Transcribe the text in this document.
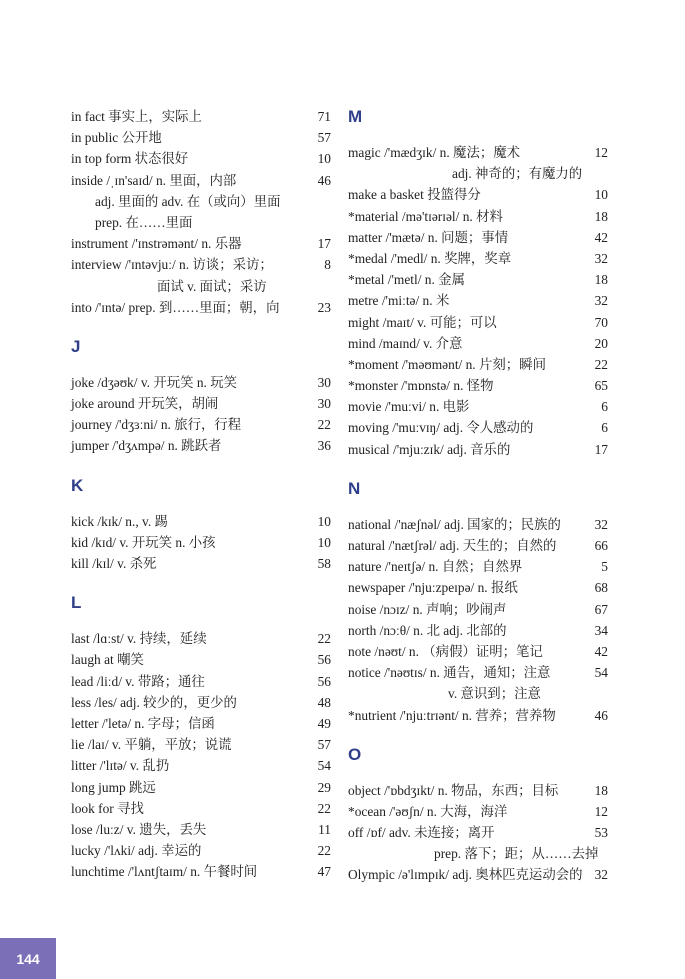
in fact 事实上，实际上	71
in public 公开地	57
in top form 状态很好	10
inside /ˌɪn'saɪd/ n. 里面，内部	46
adj. 里面的 adv. 在（或向）里面
prep. 在……里面
instrument /'ɪnstrəmənt/ n. 乐器	17
interview /'ɪntəvjuː/ n. 访谈；采访；	8
面试 v. 面试；采访
into /'ɪntə/ prep. 到……里面；朝，向	23
J
joke /dʒəʊk/ v. 开玩笑 n. 玩笑	30
joke around 开玩笑，胡闹	30
journey /'dʒɜːni/ n. 旅行，行程	22
jumper /'dʒʌmpə/ n. 跳跃者	36
K
kick /kɪk/ n., v. 踢	10
kid /kɪd/ v. 开玩笑 n. 小孩	10
kill /kɪl/ v. 杀死	58
L
last /lɑːst/ v. 持续，延续	22
laugh at 嘲笑	56
lead /liːd/ v. 带路；通往	56
less /les/ adj. 较少的，更少的	48
letter /'letə/ n. 字母；信函	49
lie /laɪ/ v. 平躺，平放；说谎	57
litter /'lɪtə/ v. 乱扔	54
long jump 跳远	29
look for 寻找	22
lose /luːz/ v. 遗失，丢失	11
lucky /'lʌki/ adj. 幸运的	22
lunchtime /'lʌntʃtaɪm/ n. 午餐时间	47
M
magic /'mædʒɪk/ n. 魔法；魔术	12
adj. 神奇的；有魔力的
make a basket 投篮得分	10
*material /mə'tɪərɪəl/ n. 材料	18
matter /'mætə/ n. 问题；事情	42
*medal /'medl/ n. 奖牌，奖章	32
*metal /'metl/ n. 金属	18
metre /'miːtə/ n. 米	32
might /maɪt/ v. 可能；可以	70
mind /maɪnd/ v. 介意	20
*moment /'məʊmənt/ n. 片刻；瞬间	22
*monster /'mɒnstə/ n. 怪物	65
movie /'muːvi/ n. 电影	6
moving /'muːvɪŋ/ adj. 令人感动的	6
musical /'mjuːzɪk/ adj. 音乐的	17
N
national /'næʃnəl/ adj. 国家的；民族的	32
natural /'nætʃrəl/ adj. 天生的；自然的	66
nature /'neɪtʃə/ n. 自然；自然界	5
newspaper /'njuːzpeɪpə/ n. 报纸	68
noise /nɔɪz/ n. 声响；吵闹声	67
north /nɔːθ/ n. 北 adj. 北部的	34
note /nəʊt/ n. （病假）证明；笔记	42
notice /'nəʊtɪs/ n. 通告，通知；注意	54
v. 意识到；注意
*nutrient /'njuːtrɪənt/ n. 营养；营养物	46
O
object /'ɒbdʒɪkt/ n. 物品，东西；目标	18
*ocean /'əʊʃn/ n. 大海，海洋	12
off /ɒf/ adv. 未连接；离开	53
prep. 落下；距；从……去掉
Olympic /ə'lɪmpɪk/ adj. 奥林匹克运动会的 32
144
